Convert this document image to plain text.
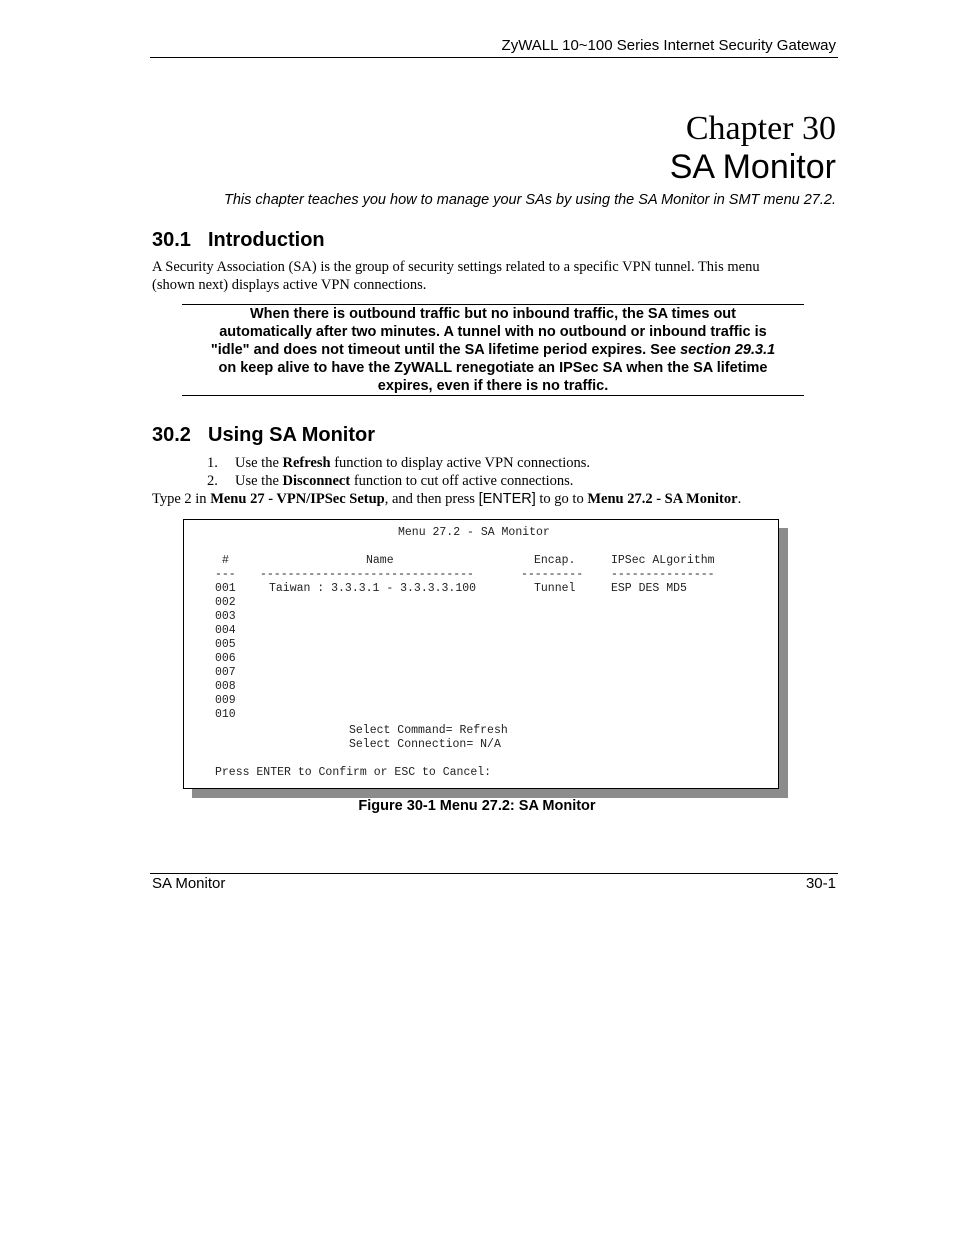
ZyWALL 10~100 Series Internet Security Gateway
Chapter 30
SA Monitor
This chapter teaches you how to manage your SAs by using the SA Monitor in SMT menu 27.2.
30.1 Introduction
A Security Association (SA) is the group of security settings related to a specific VPN tunnel. This menu
(shown next) displays active VPN connections.
When there is outbound traffic but no inbound traffic, the SA times out
automatically after two minutes. A tunnel with no outbound or inbound traffic is
"idle" and does not timeout until the SA lifetime period expires. See section 29.3.1
on keep alive to have the ZyWALL renegotiate an IPSec SA when the SA lifetime
expires, even if there is no traffic.
30.2 Using SA Monitor
1. Use the Refresh function to display active VPN connections.
2. Use the Disconnect function to cut off active connections.
Type 2 in Menu 27 - VPN/IPSec Setup, and then press [ENTER] to go to Menu 27.2 - SA Monitor.
Menu 27.2 - SA Monitor
#	Name	Encap.	IPSec ALgorithm
--- -------------------------------	--------- ---------------
001	Taiwan : 3.3.3.1 - 3.3.3.3.100	Tunnel	ESP DES MD5
002
003
004
005
006
007
008
009
010
Select Command= Refresh
Select Connection= N/A
Press ENTER to Confirm or ESC to Cancel:
Figure 30-1 Menu 27.2: SA Monitor
SA Monitor	30-1
